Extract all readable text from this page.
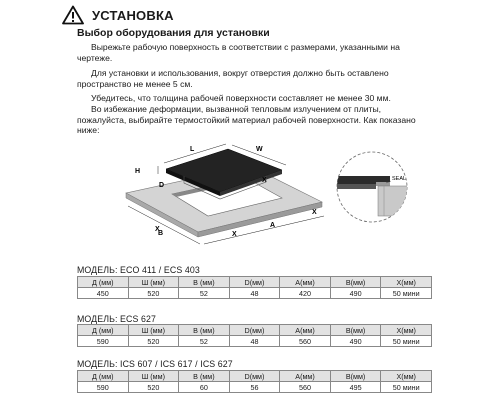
УСТАНОВКА
Выбор оборудования для установки

Вырежьте рабочую поверхность в соответствии с размерами, указанными на чертеже.

Для установки и использования, вокруг отверстия должно быть оставлено пространство не менее 5 см.

Убедитесь, что толщина рабочей поверхности составляет не менее 30 мм.

Во избежание деформации, вызванной тепловым излучением от плиты, пожалуйста, выбирайте термостойкий материал рабочей поверхности. Как показано ниже:

L	W
H
D
B
A
X
X
X
X	SEAL
МОДЕЛЬ: ECO 411 / ECS 403
Д (мм)	Ш (мм)	В (мм)	D(мм)	A(мм)	B(мм)	X(мм)
450	520	52	48	420	490	50 мини
МОДЕЛЬ: ECS 627
Д (мм)	Ш (мм)	В (мм)	D(мм)	A(мм)	B(мм)	X(мм)
590	520	52	48	560	490	50 мини
МОДЕЛЬ: ICS 607 / ICS 617 / ICS 627
Д (мм)	Ш (мм)	В (мм)	D(мм)	A(мм)	B(мм)	X(мм)
590	520	60	56	560	495	50 мини
